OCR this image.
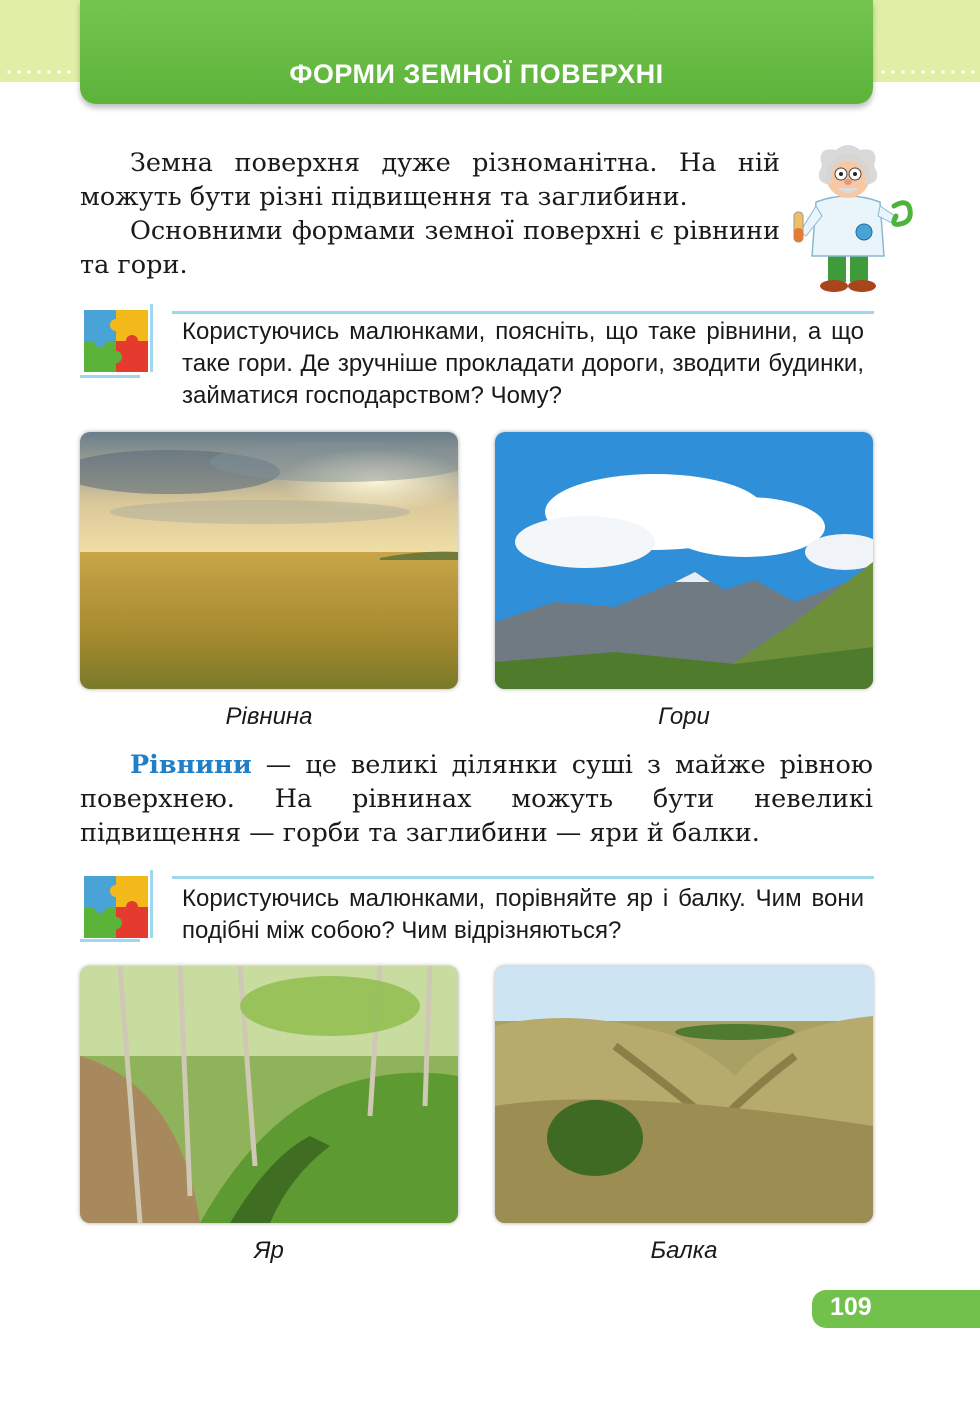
ФОРМИ ЗЕМНОЇ ПОВЕРХНІ

Земна поверхня дуже різноманітна. На ній можуть бути різні підвищення та заглибини.

Основними формами земної поверхні є рівнини та гори.

Користуючись малюнками, поясніть, що таке рівнини, а що таке гори. Де зручніше прокладати дороги, зводити будинки, займатися господарством? Чому?

Рівнина	Гори

Рівнини — це великі ділянки суші з майже рівною поверхнею. На рівнинах можуть бути невеликі підвищення — горби та заглибини — яри й балки.

Користуючись малюнками, порівняйте яр і балку. Чим вони подібні між собою? Чим відрізняються?

Яр	Балка
109
